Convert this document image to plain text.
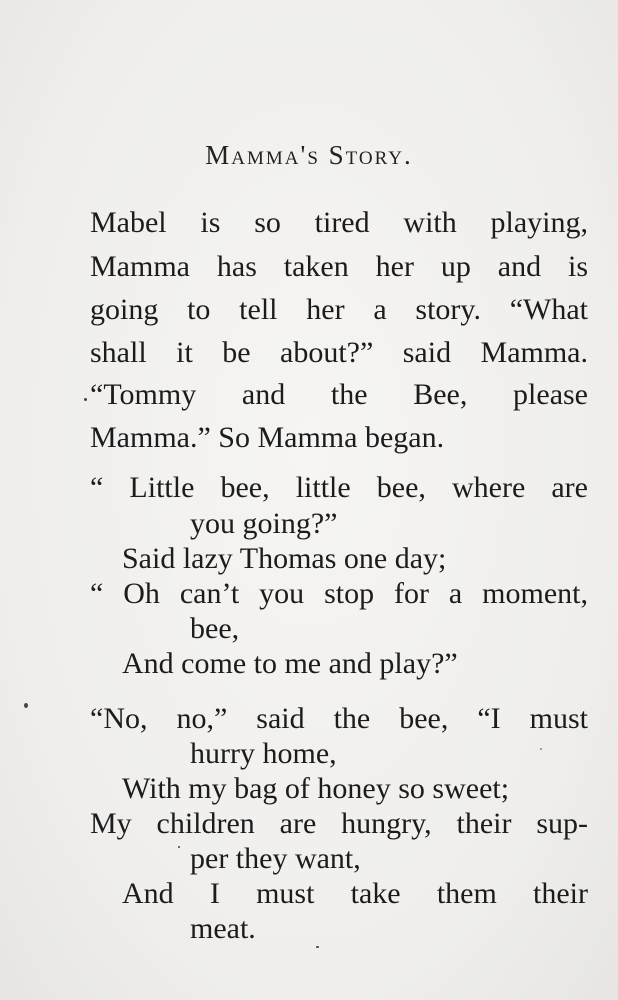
Mamma's Story.
Mabel is so tired with playing,
Mamma has taken her up and is
going to tell her a story. “What
shall it be about?” said Mamma.
“Tommy and the Bee, please
Mamma.” So Mamma began.
“ Little bee, little bee, where are
you going?”
Said lazy Thomas one day;
“ Oh can’t you stop for a moment,
bee,
And come to me and play?”
“No, no,” said the bee, “I must
hurry home,
With my bag of honey so sweet;
My children are hungry, their sup-
per they want,
And I must take them their
meat.
